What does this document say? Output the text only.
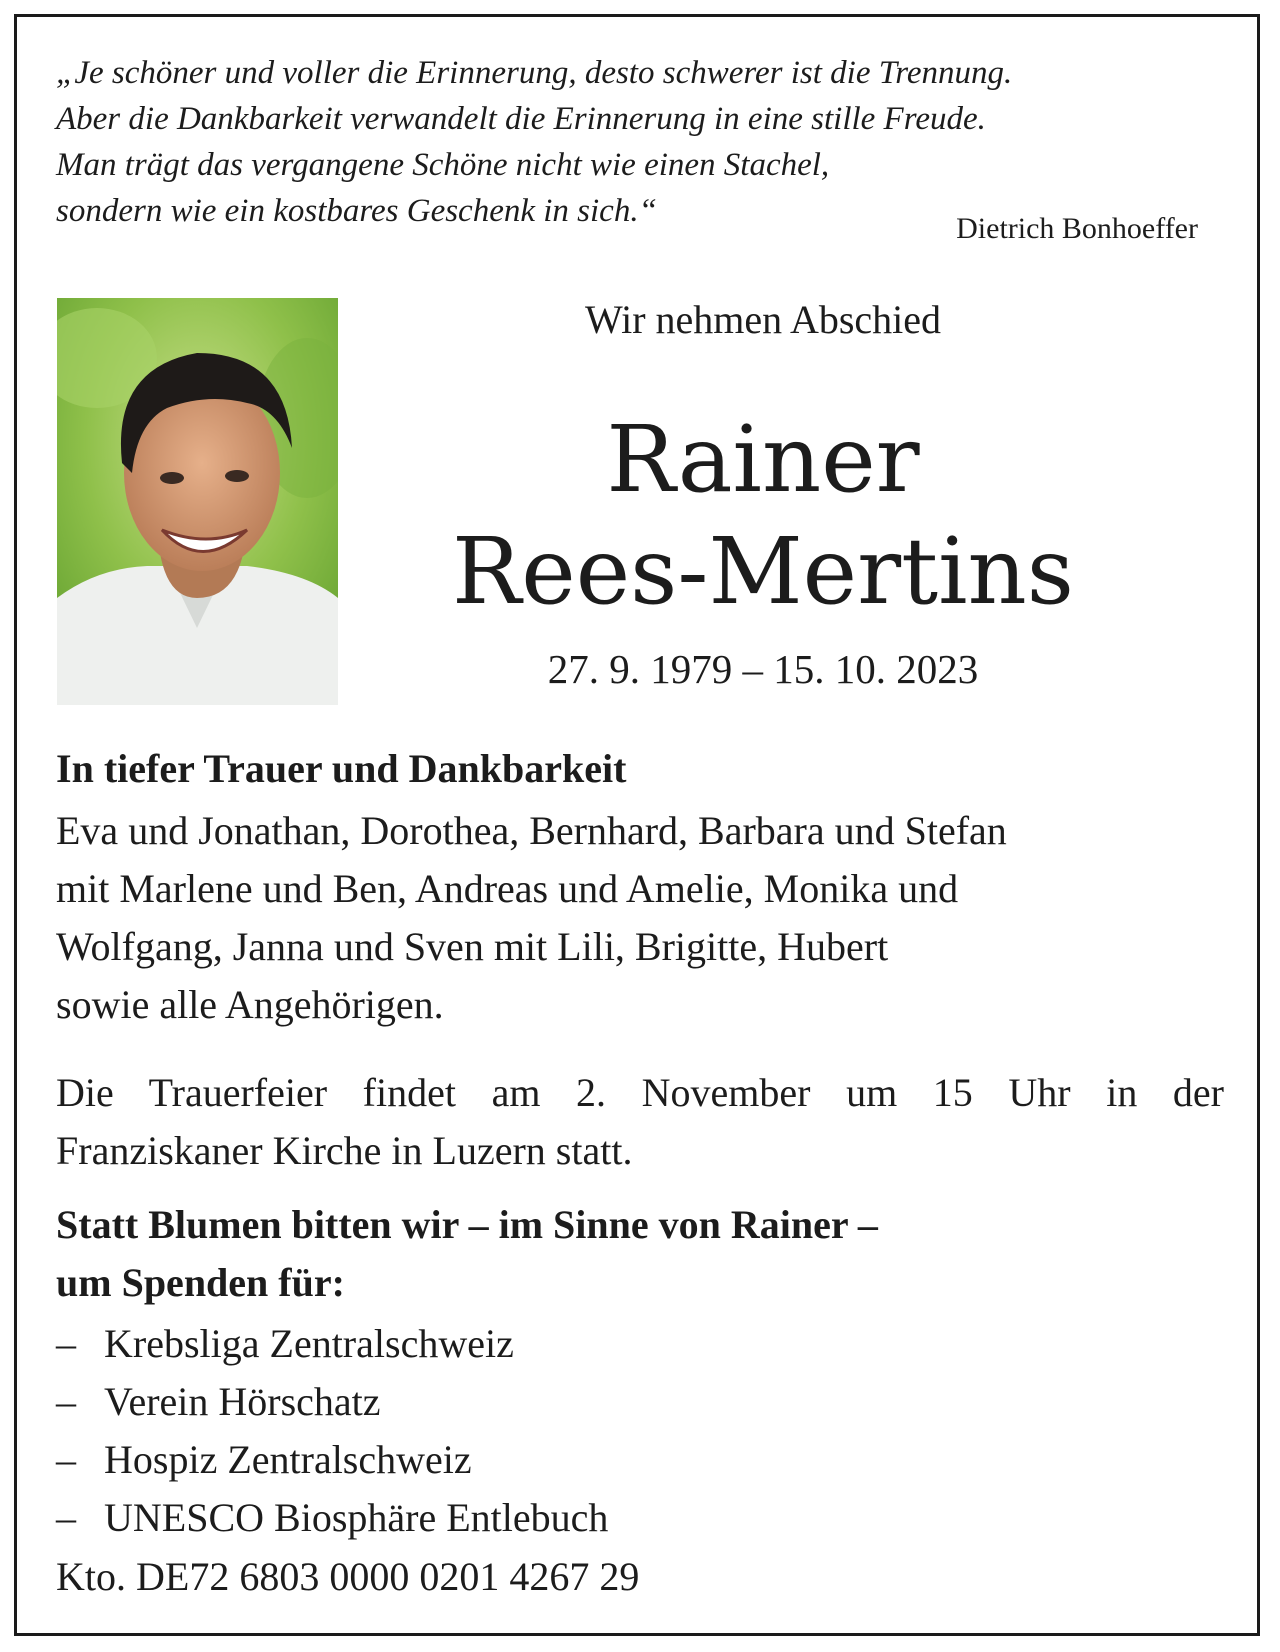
„Je schöner und voller die Erinnerung, desto schwerer ist die Trennung.
Aber die Dankbarkeit verwandelt die Erinnerung in eine stille Freude.
Man trägt das vergangene Schöne nicht wie einen Stachel,
sondern wie ein kostbares Geschenk in sich.“	Dietrich Bonhoeffer
Wir nehmen Abschied
Rainer
Rees-Mertins
27. 9. 1979 – 15. 10. 2023
In tiefer Trauer und Dankbarkeit
Eva und Jonathan, Dorothea, Bernhard, Barbara und Stefan
mit Marlene und Ben, Andreas und Amelie, Monika und
Wolfgang, Janna und Sven mit Lili, Brigitte, Hubert
sowie alle Angehörigen.
Die Trauerfeier findet am 2. November um 15 Uhr in der
Franziskaner Kirche in Luzern statt.
Statt Blumen bitten wir – im Sinne von Rainer –
um Spenden für:
– Krebsliga Zentralschweiz
– Verein Hörschatz
– Hospiz Zentralschweiz
– UNESCO Biosphäre Entlebuch
Kto. DE72 6803 0000 0201 4267 29
